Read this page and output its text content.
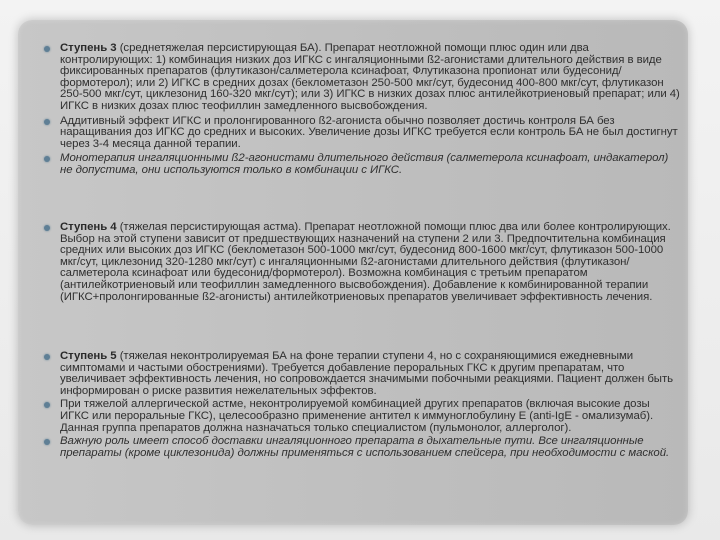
Ступень 3 (среднетяжелая персистирующая БА). Препарат неотложной помощи плюс один или два контролирующих: 1) комбинация низких доз ИГКС с ингаляционными ß2-агонистами длительного действия в виде фиксированных препаратов (флутиказон/салметерола ксинафоат, Флутиказона пропионат или будесонид/формотерол); или 2) ИГКС в средних дозах (беклометазон 250-500 мкг/сут, будесонид 400-800 мкг/сут, флутиказон 250-500 мкг/сут, циклезонид 160-320 мкг/сут); или 3) ИГКС в низких дозах плюс антилейкотриеновый препарат; или 4) ИГКС в низких дозах плюс теофиллин замедленного высвобождения.

Аддитивный эффект ИГКС и пролонгированного ß2-агониста обычно позволяет достичь контроля БА без наращивания доз ИГКС до средних и высоких. Увеличение дозы ИГКС требуется если контроль БА не был достигнут через 3-4 месяца данной терапии.

Монотерапия ингаляционными ß2-агонистами длительного действия (салметерола ксинафоат, индакатерол) не допустима, они используются только в комбинации с ИГКС.

Ступень 4 (тяжелая персистирующая астма). Препарат неотложной помощи плюс два или более контролирующих. Выбор на этой ступени зависит от предшествующих назначений на ступени 2 или 3. Предпочтительна комбинация средних или высоких доз ИГКС (беклометазон 500-1000 мкг/сут, будесонид 800-1600 мкг/сут, флутиказон 500-1000 мкг/сут, циклезонид 320-1280 мкг/сут) с ингаляционными ß2-агонистами длительного действия (флутиказон/салметерола ксинафоат или будесонид/формотерол). Возможна комбинация с третьим препаратом (антилейкотриеновый или теофиллин замедленного высвобождения). Добавление к комбинированной терапии (ИГКС+пролонгированные ß2-агонисты) антилейкотриеновых препаратов увеличивает эффективность лечения.

Ступень 5 (тяжелая неконтролируемая БА на фоне терапии ступени 4, но с сохраняющимися ежедневными симптомами и частыми обострениями). Требуется добавление пероральных ГКС к другим препаратам, что увеличивает эффективность лечения, но сопровождается значимыми побочными реакциями. Пациент должен быть информирован о риске развития нежелательных эффектов.

При тяжелой аллергической астме, неконтролируемой комбинацией других препаратов (включая высокие дозы ИГКС или пероральные ГКС), целесообразно применение антител к иммуноглобулину Е (anti-IgE - омализумаб). Данная группа препаратов должна назначаться только специалистом (пульмонолог, аллерголог).

Важную роль имеет способ доставки ингаляционного препарата в дыхательные пути. Все ингаляционные препараты (кроме циклезонида) должны применяться с использованием спейсера, при необходимости с маской.
